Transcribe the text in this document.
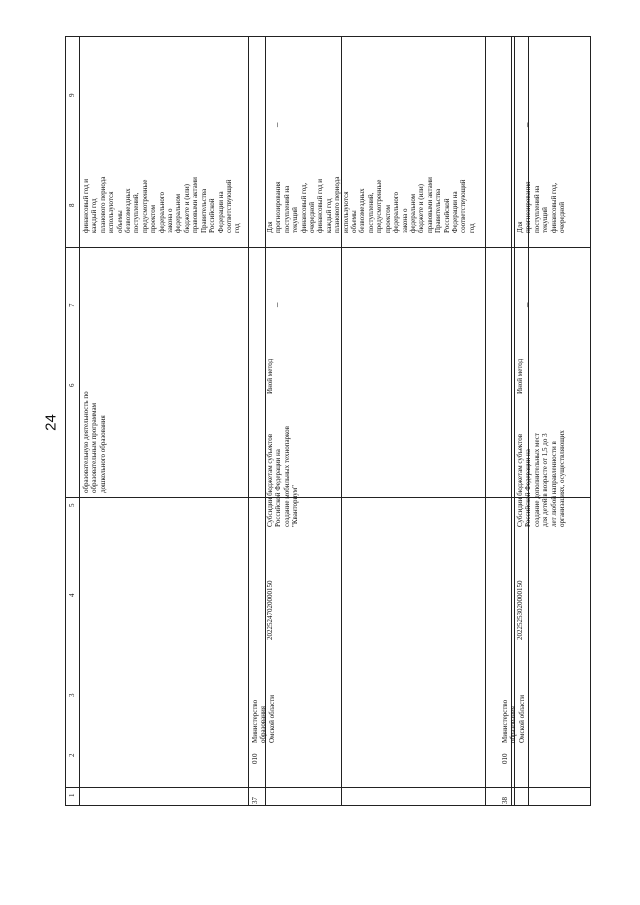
24
1
2
3
4
5
6
7
8
9
образовательную деятельность по образовательным программам дошкольного образования
финансовый год и каждый год планового периода используются объемы безвозмездных поступлений, предусмотренные проектом федерального закона о федеральном бюджете и (или) правовыми актами Правительства Российской Федерации на соответствующий год
37
010
Министерство образования Омской области
20225247020000150
Субсидии бюджетам субъектов Российской Федерации на создание мобильных технопарков "Кванториум"
Иной метод
–
Для прогнозирования поступлений на текущий финансовый год, очередной финансовый год и каждый год планового периода используются объемы безвозмездных поступлений, предусмотренные проектом федерального закона о федеральном бюджете и (или) правовыми актами Правительства Российской Федерации на соответствующий год
–
38
010
Министерство образования Омской области
20225253020000150
Субсидии бюджетам субъектов Российской Федерации на создание дополнительных мест для детей в возрасте от 1,5 до 3 лет любой направленности в организациях, осуществляющих
Иной метод
–
Для прогнозирования поступлений на текущий финансовый год, очередной
–
